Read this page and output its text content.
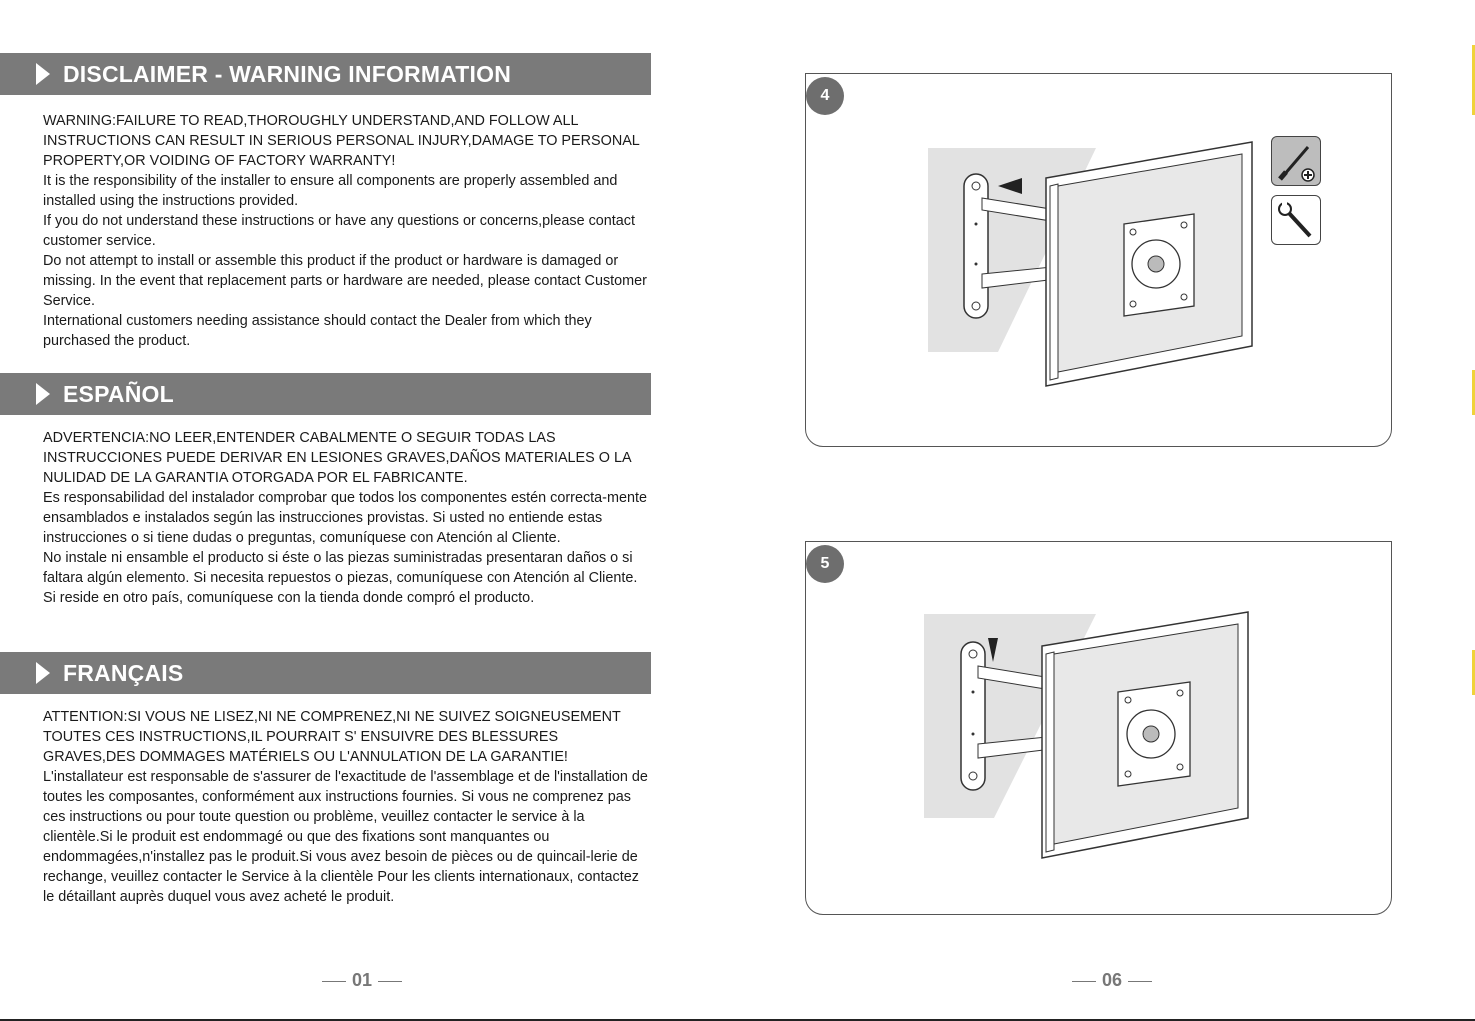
DISCLAIMER - WARNING INFORMATION

WARNING:FAILURE TO READ,THOROUGHLY UNDERSTAND,AND FOLLOW ALL INSTRUCTIONS CAN RESULT IN SERIOUS PERSONAL INJURY,DAMAGE TO PERSONAL PROPERTY,OR VOIDING OF FACTORY WARRANTY!

It is the responsibility of the installer to ensure all components are properly assembled and installed using the instructions provided.

If you do not understand these instructions or have any questions or concerns,please contact customer service.

Do not attempt to install or assemble this product if the product or hardware is damaged or missing. In the event that replacement parts or hardware are needed, please contact Customer Service.

International customers needing assistance should contact the Dealer from which they purchased the product.

ESPAÑOL

ADVERTENCIA:NO LEER,ENTENDER CABALMENTE O SEGUIR TODAS LAS INSTRUCCIONES PUEDE DERIVAR EN LESIONES GRAVES,DAÑOS MATERIALES O LA NULIDAD DE LA GARANTIA OTORGADA POR EL FABRICANTE.

Es responsabilidad del instalador comprobar que todos los componentes estén correcta-mente ensamblados e instalados según las instrucciones provistas. Si usted no entiende estas instrucciones o si tiene dudas o preguntas, comuníquese con Atención al Cliente.

No instale ni ensamble el producto si éste o las piezas suministradas presentaran daños o si faltara algún elemento. Si necesita repuestos o piezas, comuníquese con Atención al Cliente.

Si reside en otro país, comuníquese con la tienda donde compró el producto.

FRANÇAIS

ATTENTION:SI VOUS NE LISEZ,NI NE COMPRENEZ,NI NE SUIVEZ SOIGNEUSEMENT TOUTES CES INSTRUCTIONS,IL POURRAIT S' ENSUIVRE DES BLESSURES GRAVES,DES DOMMAGES MATÉRIELS OU L'ANNULATION DE LA GARANTIE!

L'installateur est responsable de s'assurer de l'exactitude de l'assemblage et de l'installation de toutes les composantes, conformément aux instructions fournies. Si vous ne comprenez pas ces instructions ou pour toute question ou problème, veuillez contacter le service à la clientèle.Si le produit est endommagé ou que des fixations sont manquantes ou endommagées,n'installez pas le produit.Si vous avez besoin de pièces ou de quincail-lerie de rechange, veuillez contacter le Service à la clientèle Pour les clients internationaux, contactez le détaillant auprès duquel vous avez acheté le produit.

01
4
5
06
